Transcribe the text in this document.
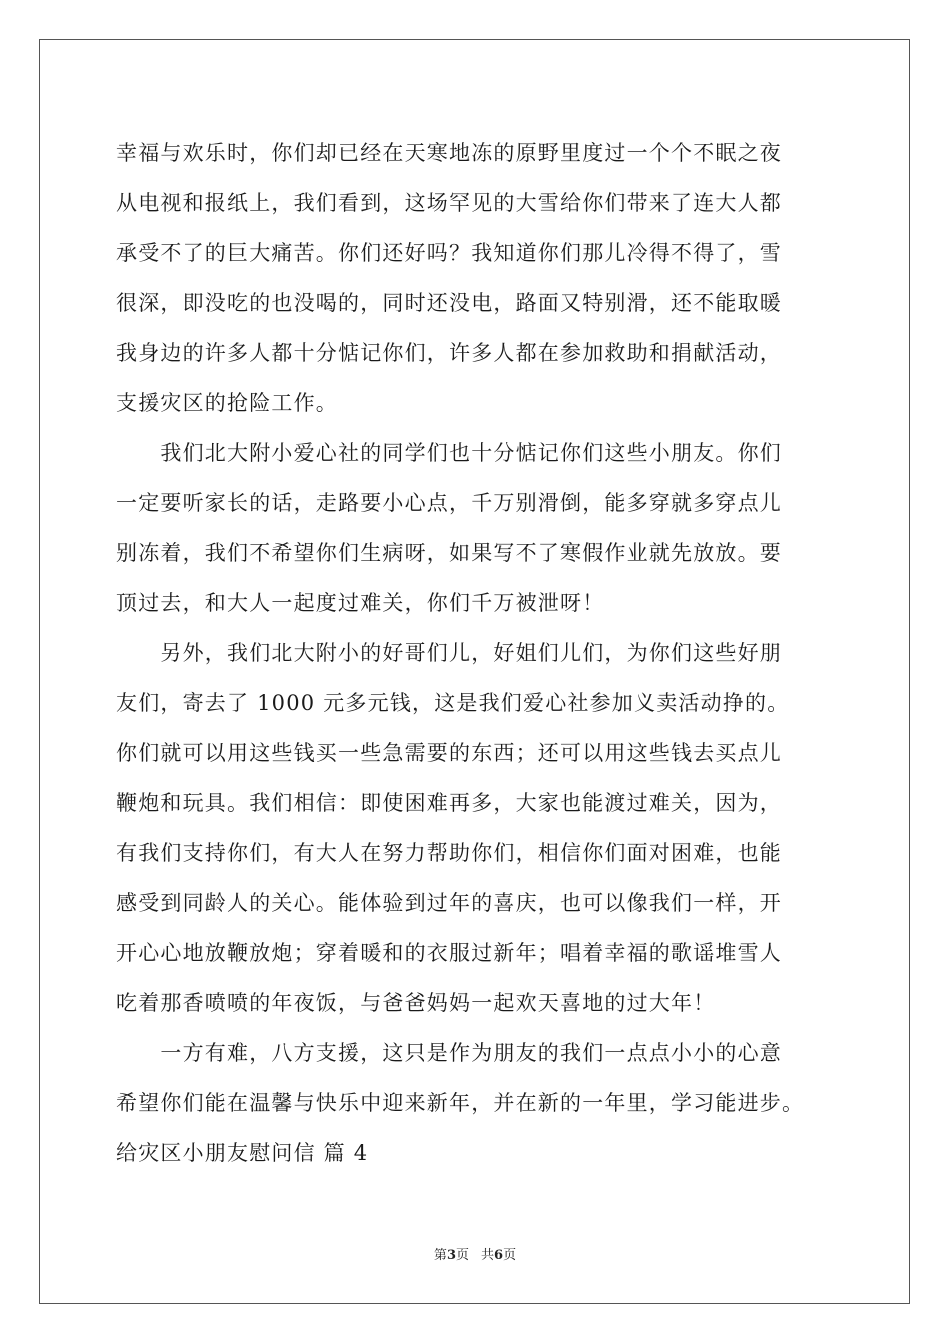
幸福与欢乐时，你们却已经在天寒地冻的原野里度过一个个不眠之夜
从电视和报纸上，我们看到，这场罕见的大雪给你们带来了连大人都
承受不了的巨大痛苦。你们还好吗？我知道你们那儿冷得不得了，雪
很深，即没吃的也没喝的，同时还没电，路面又特别滑，还不能取暖
我身边的许多人都十分惦记你们，许多人都在参加救助和捐献活动，
支援灾区的抢险工作。
　　我们北大附小爱心社的同学们也十分惦记你们这些小朋友。你们
一定要听家长的话，走路要小心点，千万别滑倒，能多穿就多穿点儿
别冻着，我们不希望你们生病呀，如果写不了寒假作业就先放放。要
顶过去，和大人一起度过难关，你们千万被泄呀！
　　另外，我们北大附小的好哥们儿，好姐们儿们，为你们这些好朋
友们，寄去了 1000 元多元钱，这是我们爱心社参加义卖活动挣的。
你们就可以用这些钱买一些急需要的东西；还可以用这些钱去买点儿
鞭炮和玩具。我们相信：即使困难再多，大家也能渡过难关，因为，
有我们支持你们，有大人在努力帮助你们，相信你们面对困难，也能
感受到同龄人的关心。能体验到过年的喜庆，也可以像我们一样，开
开心心地放鞭放炮；穿着暖和的衣服过新年；唱着幸福的歌谣堆雪人
吃着那香喷喷的年夜饭，与爸爸妈妈一起欢天喜地的过大年！
　　一方有难，八方支援，这只是作为朋友的我们一点点小小的心意
希望你们能在温馨与快乐中迎来新年，并在新的一年里，学习能进步。
给灾区小朋友慰问信 篇 4
第3页 共6页
